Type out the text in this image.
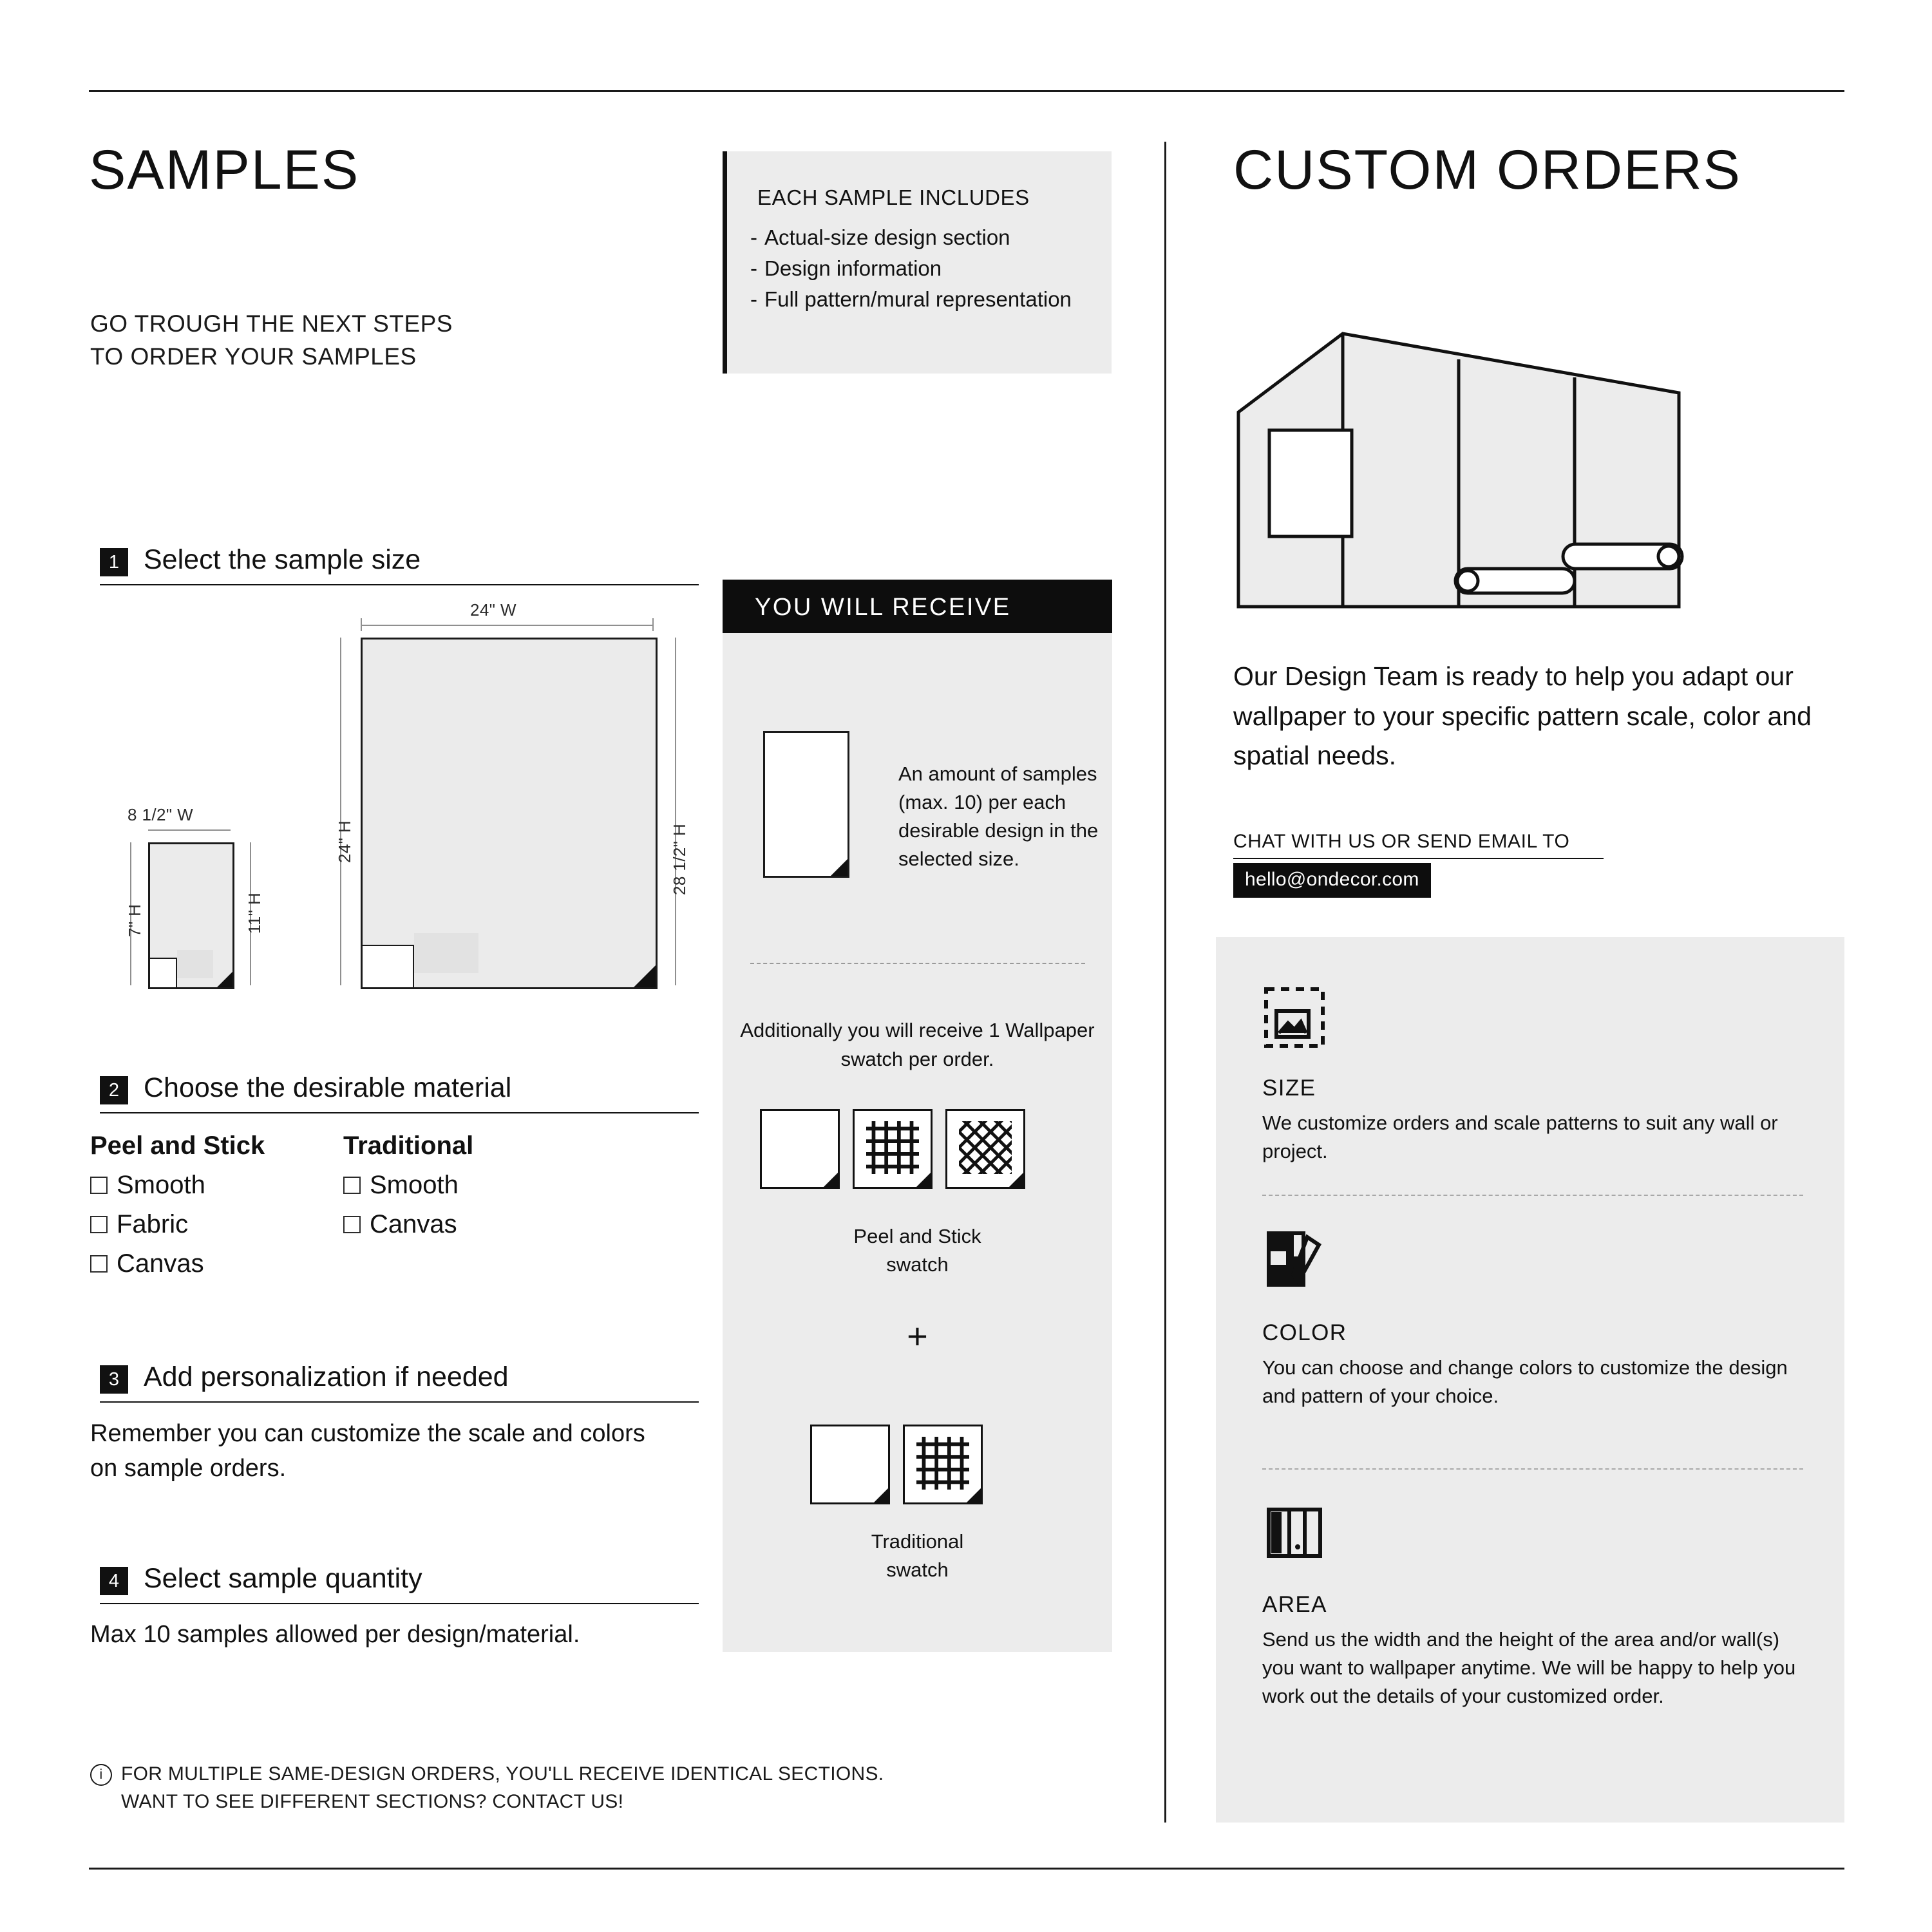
SAMPLES
GO TROUGH THE NEXT STEPS
TO ORDER YOUR SAMPLES
EACH SAMPLE INCLUDES
- Actual-size design section
- Design information
- Full pattern/mural representation
1 Select the sample size
24" W
24" H	28 1/2" H
8 1/2" W
7" H	11" H
2 Choose the desirable material
Peel and Stick
Smooth
Fabric
Canvas
Traditional
Smooth
Canvas
3 Add personalization if needed
Remember you can customize the scale and colors on sample orders.
4 Select sample quantity
Max 10 samples allowed per design/material.
i FOR MULTIPLE SAME-DESIGN ORDERS, YOU'LL RECEIVE IDENTICAL SECTIONS. WANT TO SEE DIFFERENT SECTIONS? CONTACT US!
YOU WILL RECEIVE
An amount of samples (max. 10) per each desirable design in the selected size.
Additionally you will receive 1 Wallpaper swatch per order.
Peel and Stick
swatch
+
Traditional
swatch
CUSTOM ORDERS
Our Design Team is ready to help you adapt our wallpaper to your specific pattern scale, color and spatial needs.
CHAT WITH US OR SEND EMAIL TO
hello@ondecor.com
SIZE
We customize orders and scale patterns to suit any wall or project.
COLOR
You can choose and change colors to customize the design and pattern of your choice.
AREA
Send us the width and the height of the area and/or wall(s) you want to wallpaper anytime. We will be happy to help you work out the details of your customized order.
